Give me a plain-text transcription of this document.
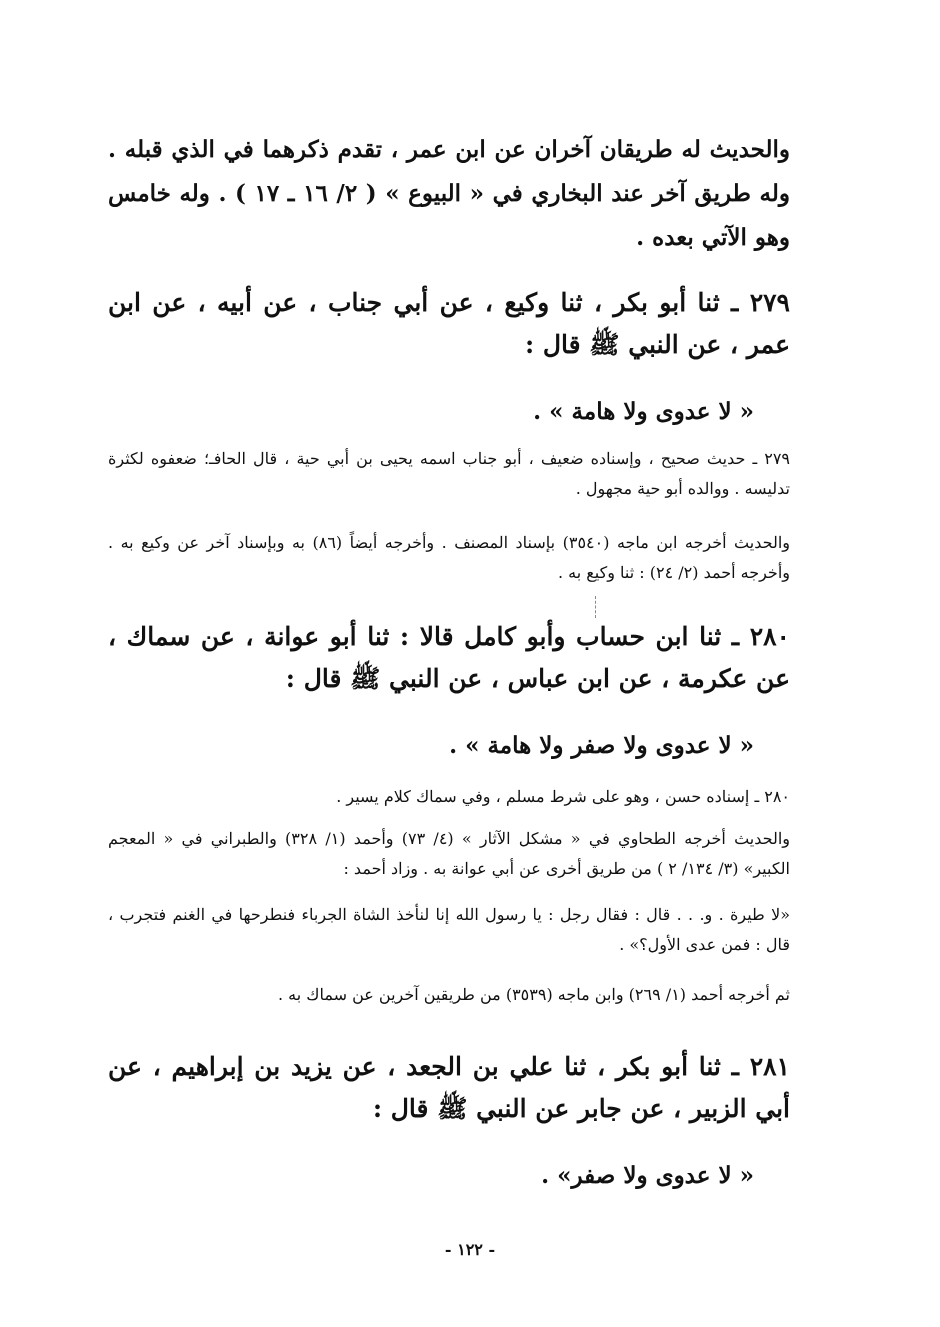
والحديث له طريقان آخران عن ابن عمر ، تقدم ذكرهما في الذي قبله . وله طريق آخر عند البخاري في « البيوع » ( ٢/ ١٦ ـ ١٧ ) . وله خامس وهو الآتي بعده .

٢٧٩ ـ ثنا أبو بكر ، ثنا وكيع ، عن أبي جناب ، عن أبيه ، عن ابن عمر ، عن النبي ﷺ قال :

« لا عدوى ولا هامة » .

٢٧٩ ـ حديث صحيح ، وإسناده ضعيف ، أبو جناب اسمه يحيى بن أبي حية ، قال الحافـ؛ ضعفوه لكثرة تدليسه . ووالده أبو حية مجهول .

والحديث أخرجه ابن ماجه (٣٥٤٠) بإسناد المصنف . وأخرجه أيضاً (٨٦) به وبإسناد آخر عن وكيع به . وأخرجه أحمد (٢/ ٢٤) : ثنا وكيع به .

٢٨٠ ـ ثنا ابن حساب وأبو كامل قالا : ثنا أبو عوانة ، عن سماك ، عن عكرمة ، عن ابن عباس ، عن النبي ﷺ قال :

« لا عدوى ولا صفر ولا هامة » .

٢٨٠ ـ إسناده حسن ، وهو على شرط مسلم ، وفي سماك كلام يسير .

والحديث أخرجه الطحاوي في « مشكل الآثار » (٤/ ٧٣) وأحمد (١/ ٣٢٨) والطبراني في « المعجم الكبير» (٣/ ١٣٤/ ٢ ) من طريق أخرى عن أبي عوانة به . وزاد أحمد :

«لا طيرة . و. . . قال : فقال رجل : يا رسول الله إنا لنأخذ الشاة الجرباء فنطرحها في الغنم فتجرب ، قال : فمن عدى الأول؟» .

ثم أخرجه أحمد (١/ ٢٦٩) وابن ماجه (٣٥٣٩) من طريقين آخرين عن سماك به .

٢٨١ ـ ثنا أبو بكر ، ثنا علي بن الجعد ، عن يزيد بن إبراهيم ، عن أبي الزبير ، عن جابر عن النبي ﷺ قال :

« لا عدوى ولا صفر» .

- ١٢٢ -
